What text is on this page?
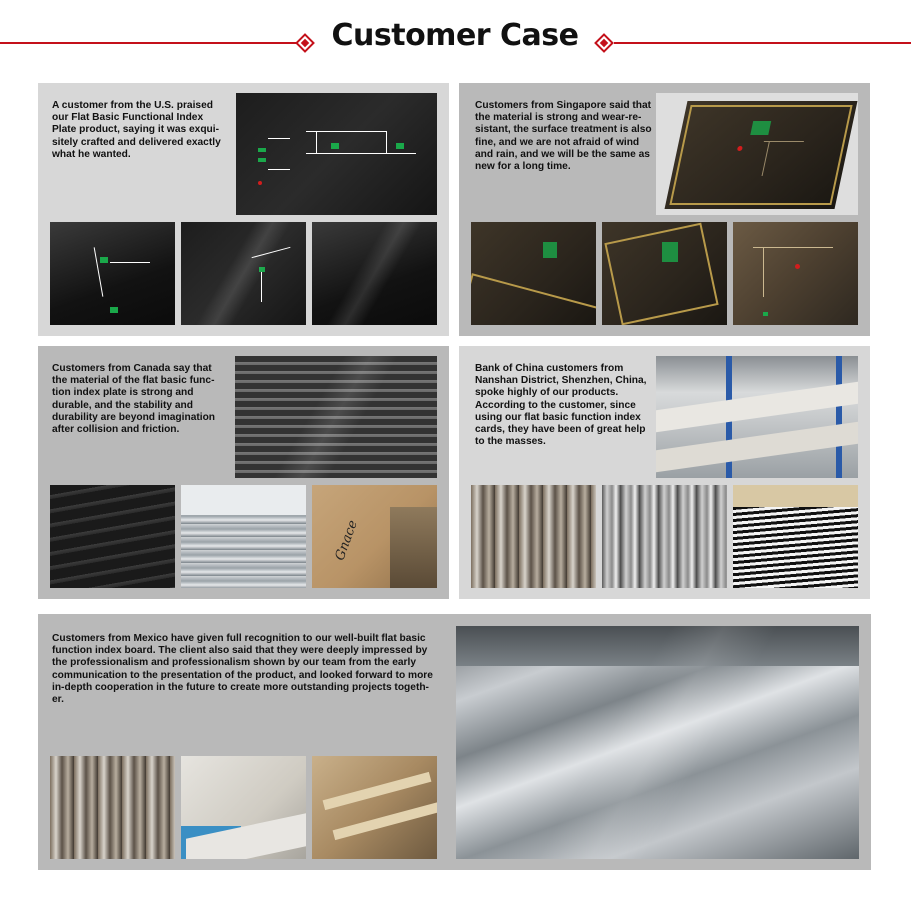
Customer Case
A customer from the U.S. praised
our Flat Basic Functional Index
Plate product, saying it was exqui-
sitely crafted and delivered exactly
what he wanted.
Customers from Singapore said that
the material is strong and wear-re-
sistant, the surface treatment is also
fine, and we are not afraid of wind
and rain, and we will be the same as
new for a long time.
Customers from Canada say that
the material of the flat basic func-
tion index plate is strong and
durable, and the stability and
durability are beyond imagination
after collision and friction.
Gnace
Bank of China customers from
Nanshan District, Shenzhen, China,
spoke highly of our products.
According to the customer, since
using our flat basic function index
cards, they have been of great help
to the masses.
Customers from Mexico have given full recognition to our well-built flat basic
function index board. The client also said that they were deeply impressed by
the professionalism and professionalism shown by our team from the early
communication to the presentation of the product, and looked forward to more
in-depth cooperation in the future to create more outstanding projects togeth-
er.
